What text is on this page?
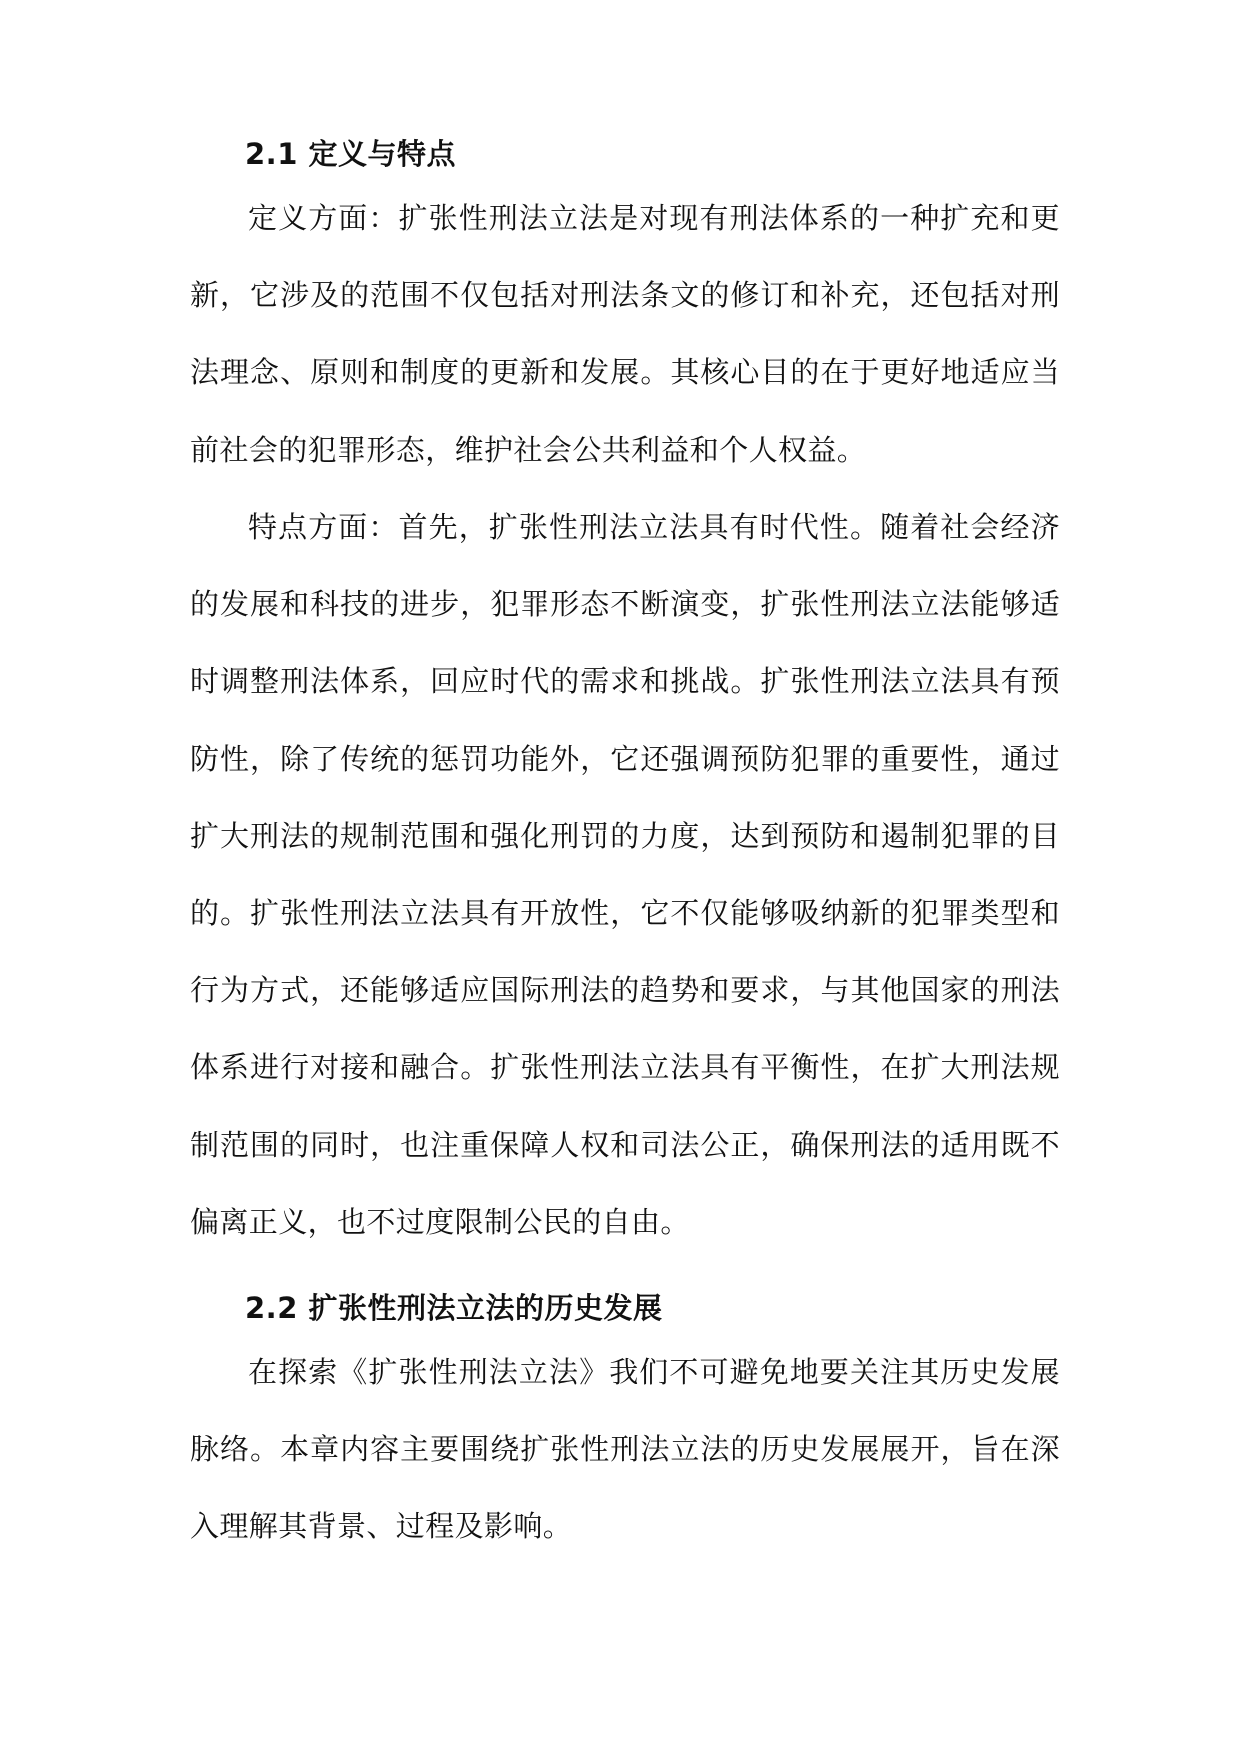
2.1 定义与特点

定义方面：扩张性刑法立法是对现有刑法体系的一种扩充和更新，它涉及的范围不仅包括对刑法条文的修订和补充，还包括对刑法理念、原则和制度的更新和发展。其核心目的在于更好地适应当前社会的犯罪形态，维护社会公共利益和个人权益。

特点方面：首先，扩张性刑法立法具有时代性。随着社会经济的发展和科技的进步，犯罪形态不断演变，扩张性刑法立法能够适时调整刑法体系，回应时代的需求和挑战。扩张性刑法立法具有预防性，除了传统的惩罚功能外，它还强调预防犯罪的重要性，通过扩大刑法的规制范围和强化刑罚的力度，达到预防和遏制犯罪的目的。扩张性刑法立法具有开放性，它不仅能够吸纳新的犯罪类型和行为方式，还能够适应国际刑法的趋势和要求，与其他国家的刑法体系进行对接和融合。扩张性刑法立法具有平衡性，在扩大刑法规制范围的同时，也注重保障人权和司法公正，确保刑法的适用既不偏离正义，也不过度限制公民的自由。

2.2 扩张性刑法立法的历史发展

在探索《扩张性刑法立法》我们不可避免地要关注其历史发展脉络。本章内容主要围绕扩张性刑法立法的历史发展展开，旨在深入理解其背景、过程及影响。
